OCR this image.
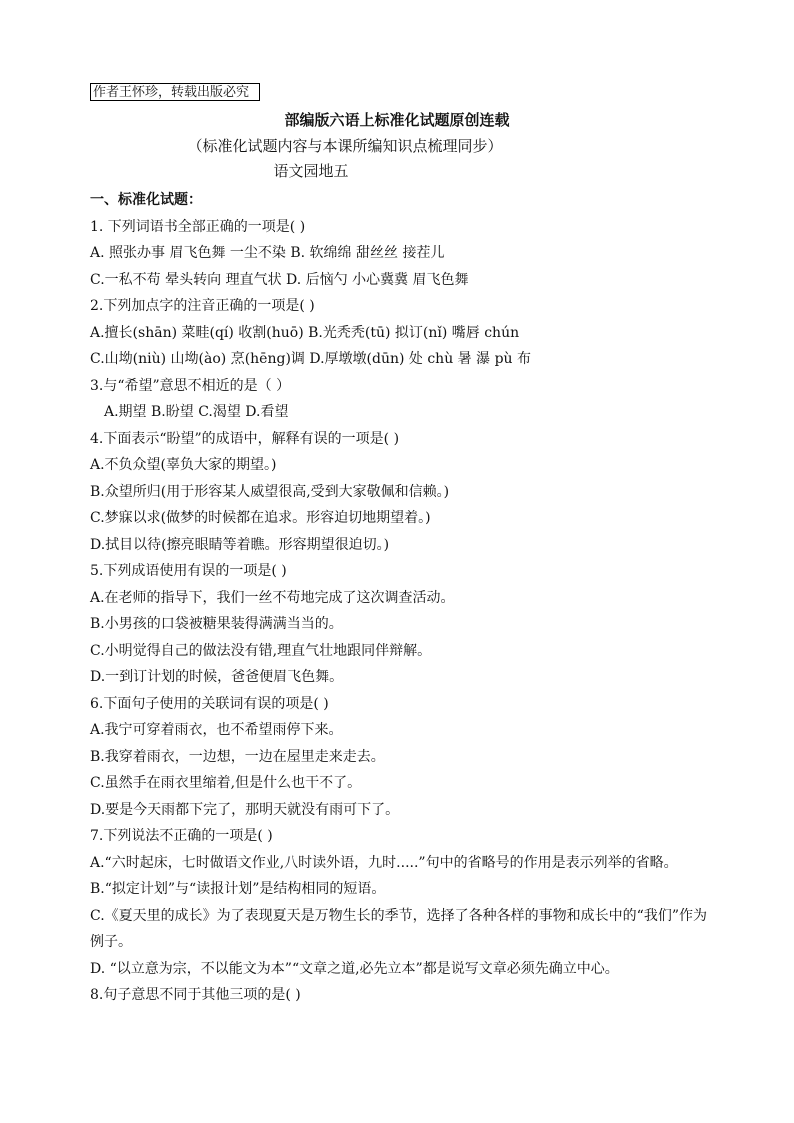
作者王怀珍，转载出版必究
部编版六语上标准化试题原创连载
（标准化试题内容与本课所编知识点梳理同步）
语文园地五
一、标准化试题：
1. 下列词语书全部正确的一项是( )
A. 照张办事 眉飞色舞 一尘不染 B. 软绵绵 甜丝丝 接茬儿
C.一私不苟 晕头转向 理直气状 D. 后恼勺 小心冀冀 眉飞色舞
2.下列加点字的注音正确的一项是( )
A.擅长(shān) 菜畦(qí) 收割(huō) B.光秃秃(tū) 拟订(nǐ) 嘴唇 chún
C.山坳(niù) 山坳(ào) 烹(hēng)调 D.厚墩墩(dūn) 处 chù 暑 瀑 pù 布
3.与“希望”意思不相近的是（ ）
A.期望 B.盼望 C.渴望 D.看望
4.下面表示“盼望”的成语中，解释有误的一项是( )
A.不负众望(辜负大家的期望。)
B.众望所归(用于形容某人威望很高,受到大家敬佩和信赖。)
C.梦寐以求(做梦的时候都在追求。形容迫切地期望着。)
D.拭目以待(擦亮眼睛等着瞧。形容期望很迫切。)
5.下列成语使用有误的一项是( )
A.在老师的指导下，我们一丝不苟地完成了这次调查活动。
B.小男孩的口袋被糖果装得满满当当的。
C.小明觉得自己的做法没有错,理直气壮地跟同伴辩解。
D.一到订计划的时候，爸爸便眉飞色舞。
6.下面句子使用的关联词有误的项是( )
A.我宁可穿着雨衣，也不希望雨停下来。
B.我穿着雨衣，一边想，一边在屋里走来走去。
C.虽然手在雨衣里缩着,但是什么也干不了。
D.要是今天雨都下完了，那明天就没有雨可下了。
7.下列说法不正确的一项是( )
A.“六时起床，七时做语文作业,八时读外语，九时.....”句中的省略号的作用是表示列举的省略。
B.“拟定计划”与“读报计划”是结构相同的短语。
C.《夏天里的成长》为了表现夏天是万物生长的季节，选择了各种各样的事物和成长中的“我们”作为例子。
D. “以立意为宗，不以能文为本”“文章之道,必先立本”都是说写文章必须先确立中心。
8.句子意思不同于其他三项的是( )
